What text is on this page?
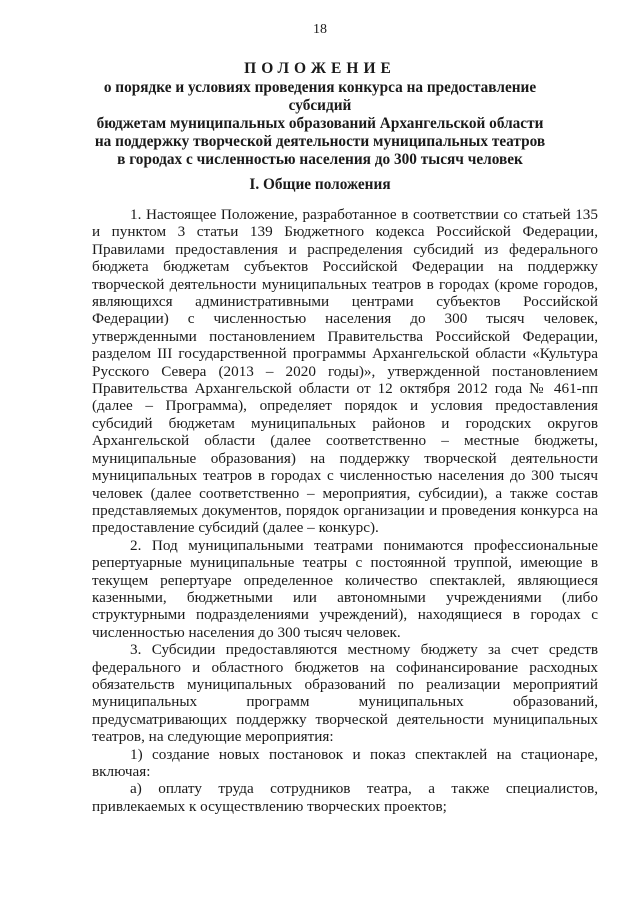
18
ПОЛОЖЕНИЕ
о порядке и условиях проведения конкурса на предоставление субсидий
бюджетам муниципальных образований Архангельской области
на поддержку творческой деятельности муниципальных театров
в городах с численностью населения до 300 тысяч человек
I. Общие положения

1. Настоящее Положение, разработанное в соответствии со статьей 135 и пунктом 3 статьи 139 Бюджетного кодекса Российской Федерации, Правилами предоставления и распределения субсидий из федерального бюджета бюджетам субъектов Российской Федерации на поддержку творческой деятельности муниципальных театров в городах (кроме городов, являющихся административными центрами субъектов Российской Федерации) с численностью населения до 300 тысяч человек, утвержденными постановлением Правительства Российской Федерации, разделом III государственной программы Архангельской области «Культура Русского Севера (2013 – 2020 годы)», утвержденной постановлением Правительства Архангельской области от 12 октября 2012 года № 461-пп (далее – Программа), определяет порядок и условия предоставления субсидий бюджетам муниципальных районов и городских округов Архангельской области (далее соответственно – местные бюджеты, муниципальные образования) на поддержку творческой деятельности муниципальных театров в городах с численностью населения до 300 тысяч человек (далее соответственно – мероприятия, субсидии), а также состав представляемых документов, порядок организации и проведения конкурса на предоставление субсидий (далее – конкурс).

2. Под муниципальными театрами понимаются профессиональные репертуарные муниципальные театры с постоянной труппой, имеющие в текущем репертуаре определенное количество спектаклей, являющиеся казенными, бюджетными или автономными учреждениями (либо структурными подразделениями учреждений), находящиеся в городах с численностью населения до 300 тысяч человек.

3. Субсидии предоставляются местному бюджету за счет средств федерального и областного бюджетов на софинансирование расходных обязательств муниципальных образований по реализации мероприятий муниципальных программ муниципальных образований, предусматривающих поддержку творческой деятельности муниципальных театров, на следующие мероприятия:

1) создание новых постановок и показ спектаклей на стационаре, включая:

а) оплату труда сотрудников театра, а также специалистов, привлекаемых к осуществлению творческих проектов;
